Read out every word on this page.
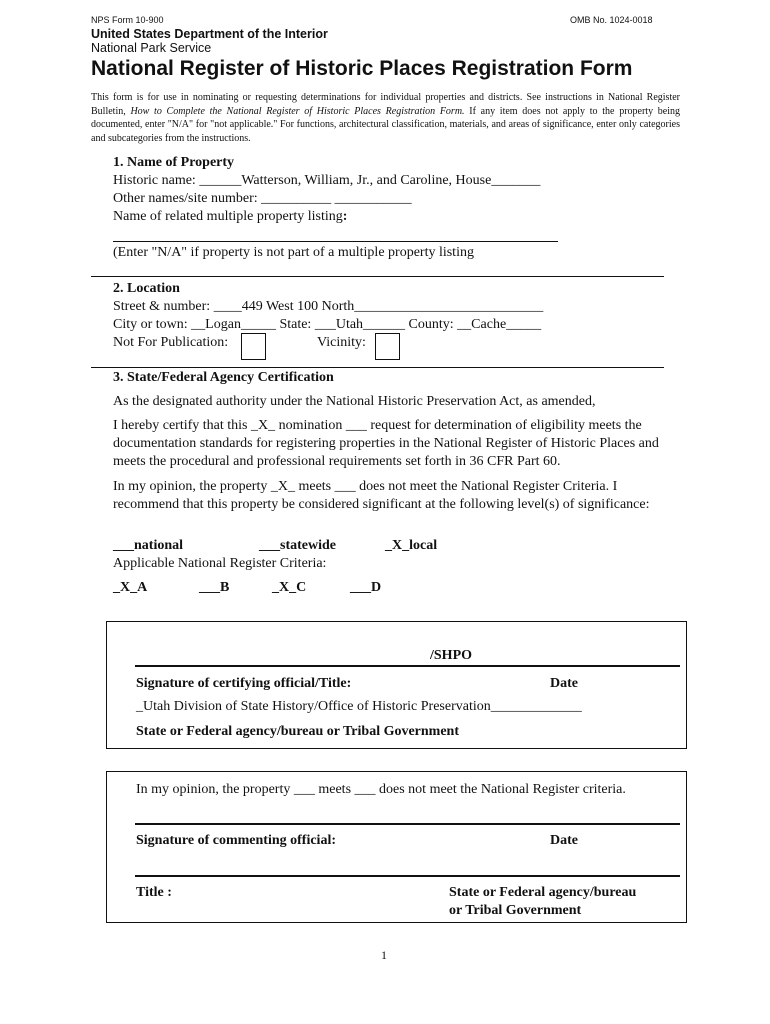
NPS Form 10-900	OMB No. 1024-0018
United States Department of the Interior
National Park Service
National Register of Historic Places Registration Form
This form is for use in nominating or requesting determinations for individual properties and districts. See instructions in National Register Bulletin, How to Complete the National Register of Historic Places Registration Form. If any item does not apply to the property being documented, enter "N/A" for "not applicable." For functions, architectural classification, materials, and areas of significance, enter only categories and subcategories from the instructions.
1. Name of Property
Historic name: ______Watterson, William, Jr., and Caroline, House_______
Other names/site number: __________ ___________
Name of related multiple property listing:
(Enter "N/A" if property is not part of a multiple property listing
2. Location
Street & number: ____449 West 100 North___________________________
City or town: __Logan_____ State: ___Utah______ County: __Cache_____
Not For Publication:	Vicinity:
3. State/Federal Agency Certification
As the designated authority under the National Historic Preservation Act, as amended,
I hereby certify that this _X_ nomination ___ request for determination of eligibility meets the documentation standards for registering properties in the National Register of Historic Places and meets the procedural and professional requirements set forth in 36 CFR Part 60.
In my opinion, the property _X_ meets ___ does not meet the National Register Criteria. I recommend that this property be considered significant at the following level(s) of significance:
___national	___statewide	_X_local
Applicable National Register Criteria:
_X_A	___B	_X_C	___D
/SHPO
Signature of certifying official/Title:	Date
_Utah Division of State History/Office of Historic Preservation_____________
State or Federal agency/bureau or Tribal Government
In my opinion, the property ___ meets ___ does not meet the National Register criteria.
Signature of commenting official:	Date
Title :	State or Federal agency/bureau
or Tribal Government
1
